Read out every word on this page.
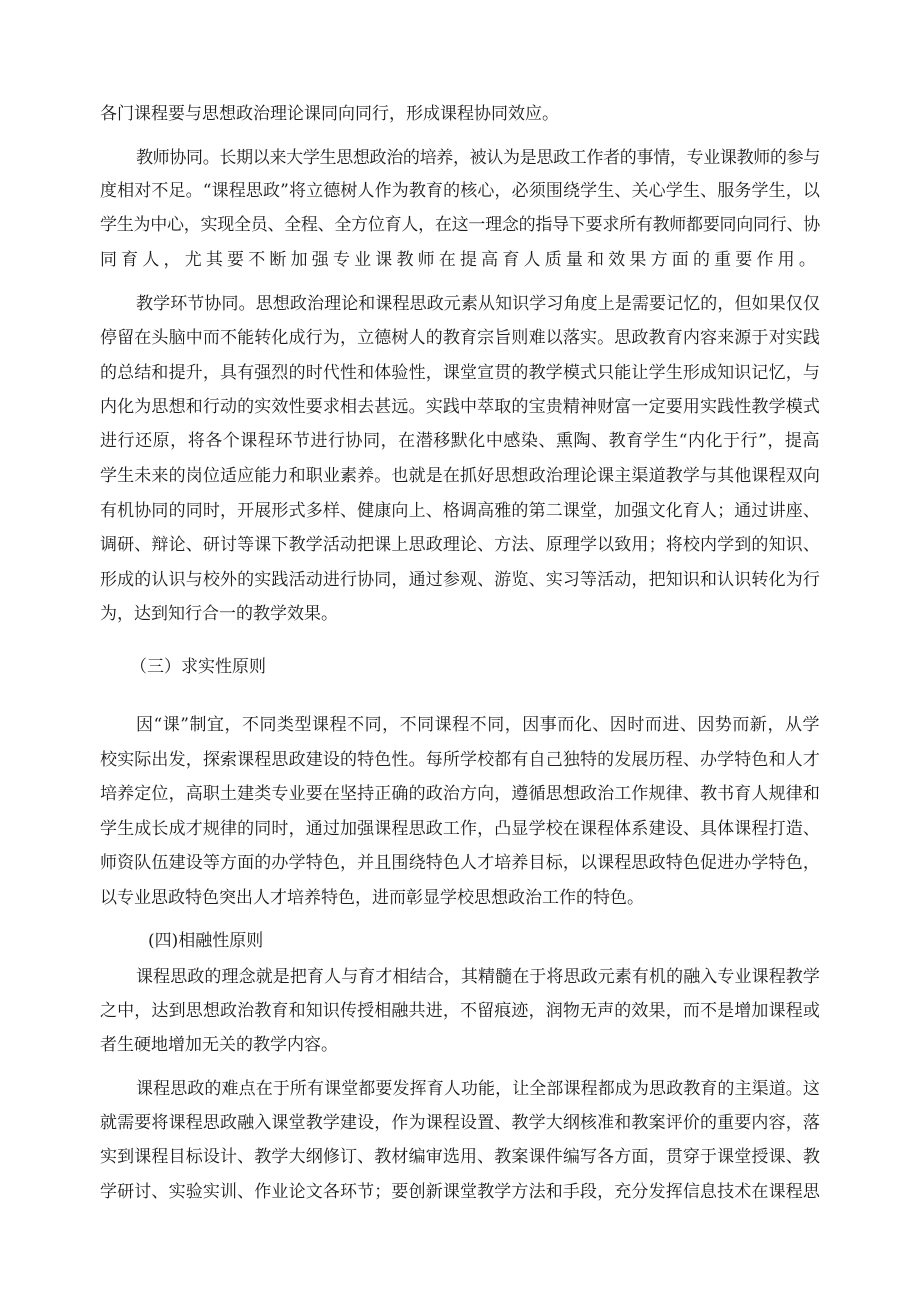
各门课程要与思想政治理论课同向同行，形成课程协同效应。
教师协同。长期以来大学生思想政治的培养，被认为是思政工作者的事情，专业课教师的参与
度相对不足。“课程思政”将立德树人作为教育的核心，必须围绕学生、关心学生、服务学生，以
学生为中心，实现全员、全程、全方位育人，在这一理念的指导下要求所有教师都要同向同行、协
同育人，尤其要不断加强专业课教师在提高育人质量和效果方面的重要作用。
教学环节协同。思想政治理论和课程思政元素从知识学习角度上是需要记忆的，但如果仅仅
停留在头脑中而不能转化成行为，立德树人的教育宗旨则难以落实。思政教育内容来源于对实践
的总结和提升，具有强烈的时代性和体验性，课堂宣贯的教学模式只能让学生形成知识记忆，与
内化为思想和行动的实效性要求相去甚远。实践中萃取的宝贵精神财富一定要用实践性教学模式
进行还原，将各个课程环节进行协同，在潜移默化中感染、熏陶、教育学生“内化于行”，提高
学生未来的岗位适应能力和职业素养。也就是在抓好思想政治理论课主渠道教学与其他课程双向
有机协同的同时，开展形式多样、健康向上、格调高雅的第二课堂，加强文化育人；通过讲座、
调研、辩论、研讨等课下教学活动把课上思政理论、方法、原理学以致用；将校内学到的知识、
形成的认识与校外的实践活动进行协同，通过参观、游览、实习等活动，把知识和认识转化为行
为，达到知行合一的教学效果。
（三）求实性原则
因“课”制宜，不同类型课程不同，不同课程不同，因事而化、因时而进、因势而新，从学
校实际出发，探索课程思政建设的特色性。每所学校都有自己独特的发展历程、办学特色和人才
培养定位，高职土建类专业要在坚持正确的政治方向，遵循思想政治工作规律、教书育人规律和
学生成长成才规律的同时，通过加强课程思政工作，凸显学校在课程体系建设、具体课程打造、
师资队伍建设等方面的办学特色，并且围绕特色人才培养目标，以课程思政特色促进办学特色，
以专业思政特色突出人才培养特色，进而彰显学校思想政治工作的特色。
(四)相融性原则
课程思政的理念就是把育人与育才相结合，其精髓在于将思政元素有机的融入专业课程教学
之中，达到思想政治教育和知识传授相融共进，不留痕迹，润物无声的效果，而不是增加课程或
者生硬地增加无关的教学内容。
课程思政的难点在于所有课堂都要发挥育人功能，让全部课程都成为思政教育的主渠道。这
就需要将课程思政融入课堂教学建设，作为课程设置、教学大纲核准和教案评价的重要内容，落
实到课程目标设计、教学大纲修订、教材编审选用、教案课件编写各方面，贯穿于课堂授课、教
学研讨、实验实训、作业论文各环节；要创新课堂教学方法和手段，充分发挥信息技术在课程思
